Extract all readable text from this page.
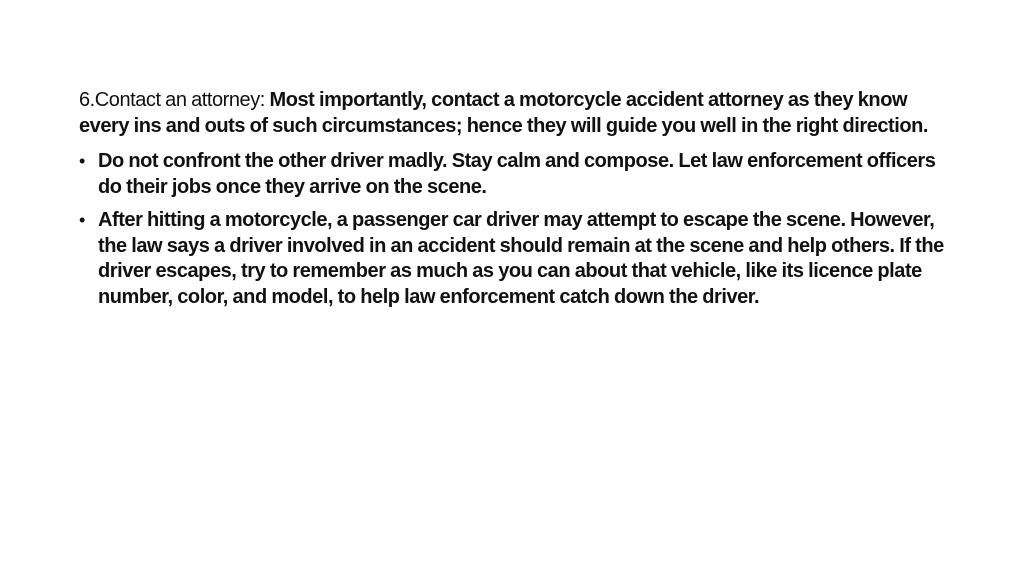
6.Contact an attorney: Most importantly, contact a motorcycle accident attorney as they know every ins and outs of such circumstances; hence they will guide you well in the right direction.

• Do not confront the other driver madly. Stay calm and compose. Let law enforcement officers do their jobs once they arrive on the scene.
• After hitting a motorcycle, a passenger car driver may attempt to escape the scene. However, the law says a driver involved in an accident should remain at the scene and help others. If the driver escapes, try to remember as much as you can about that vehicle, like its licence plate number, color, and model, to help law enforcement catch down the driver.
